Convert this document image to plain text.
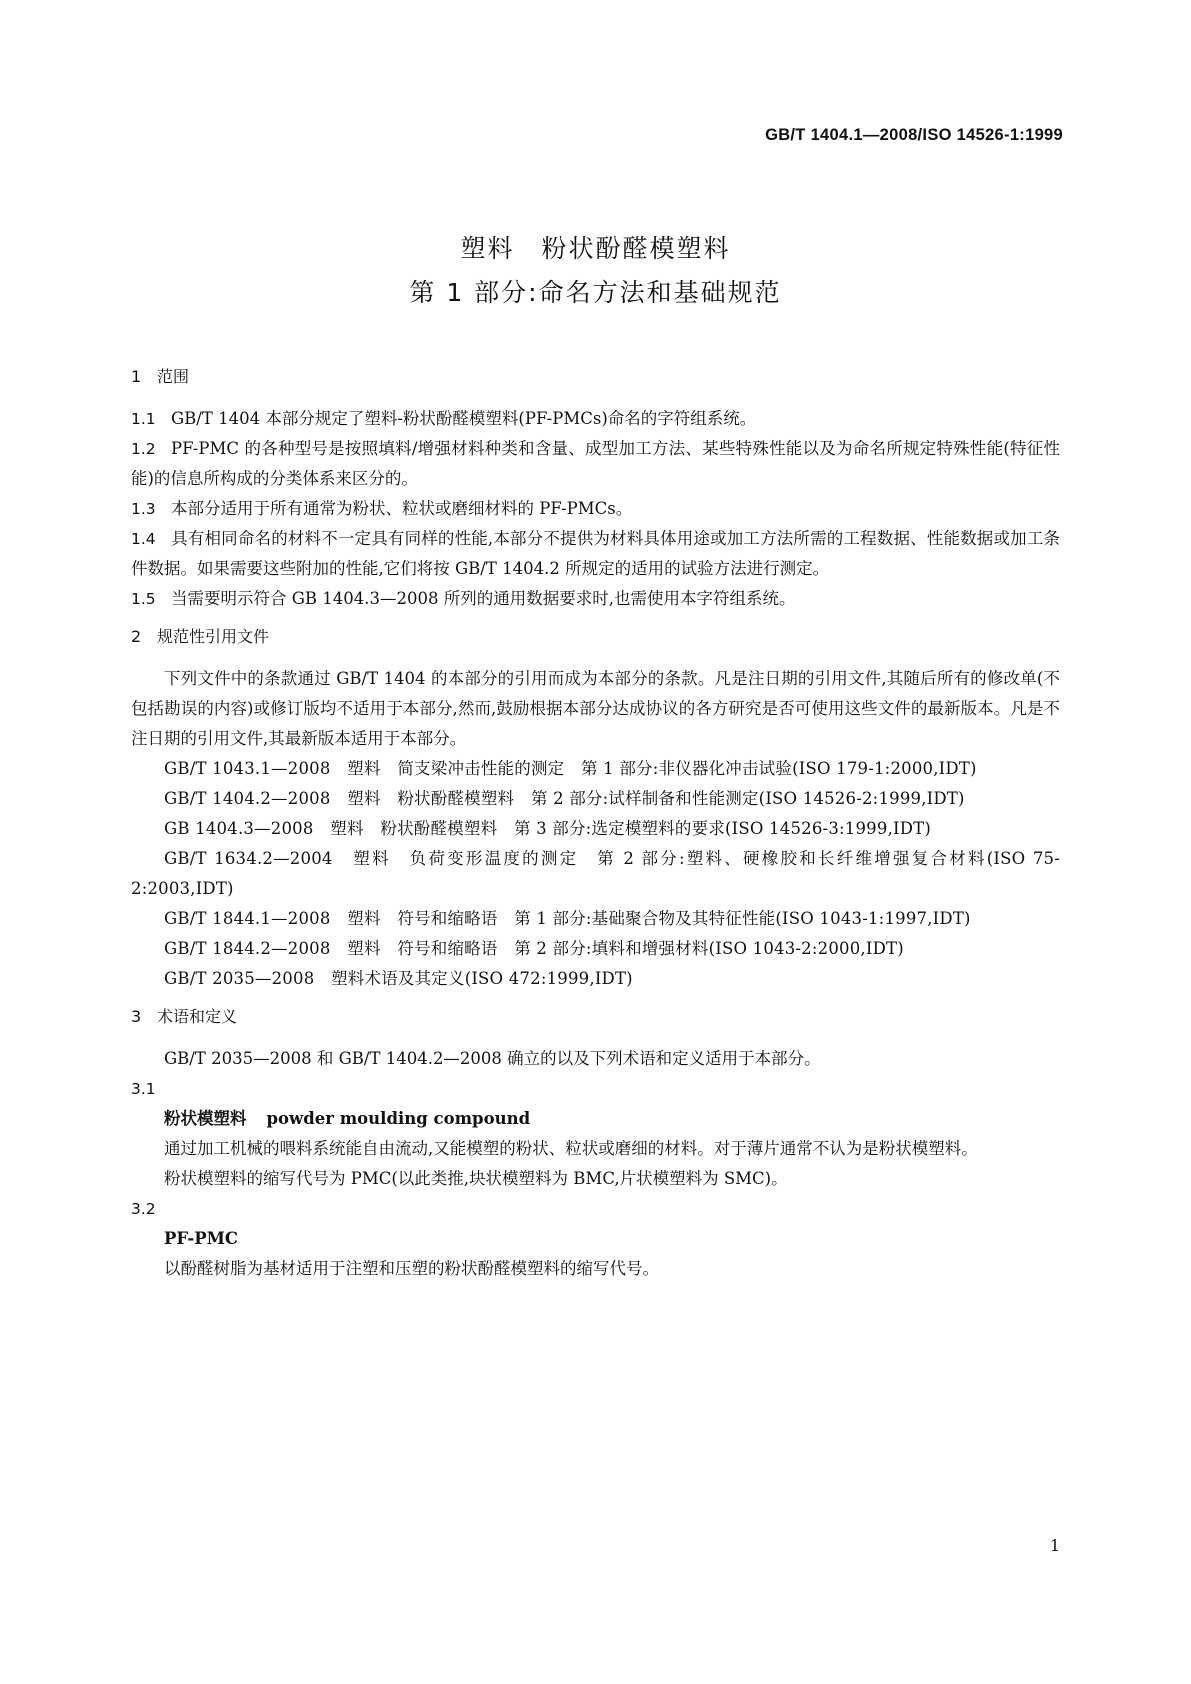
GB/T 1404.1—2008/ISO 14526-1:1999
塑料　粉状酚醛模塑料
第 1 部分:命名方法和基础规范
1 范围
1.1 GB/T 1404 本部分规定了塑料-粉状酚醛模塑料(PF-PMCs)命名的字符组系统。
1.2 PF-PMC 的各种型号是按照填料/增强材料种类和含量、成型加工方法、某些特殊性能以及为命名所规定特殊性能(特征性能)的信息所构成的分类体系来区分的。
1.3 本部分适用于所有通常为粉状、粒状或磨细材料的 PF-PMCs。
1.4 具有相同命名的材料不一定具有同样的性能,本部分不提供为材料具体用途或加工方法所需的工程数据、性能数据或加工条件数据。如果需要这些附加的性能,它们将按 GB/T 1404.2 所规定的适用的试验方法进行测定。
1.5 当需要明示符合 GB 1404.3—2008 所列的通用数据要求时,也需使用本字符组系统。
2 规范性引用文件
下列文件中的条款通过 GB/T 1404 的本部分的引用而成为本部分的条款。凡是注日期的引用文件,其随后所有的修改单(不包括勘误的内容)或修订版均不适用于本部分,然而,鼓励根据本部分达成协议的各方研究是否可使用这些文件的最新版本。凡是不注日期的引用文件,其最新版本适用于本部分。
GB/T 1043.1—2008　塑料　简支梁冲击性能的测定　第 1 部分:非仪器化冲击试验(ISO 179-1:2000,IDT)
GB/T 1404.2—2008　塑料　粉状酚醛模塑料　第 2 部分:试样制备和性能测定(ISO 14526-2:1999,IDT)
GB 1404.3—2008　塑料　粉状酚醛模塑料　第 3 部分:选定模塑料的要求(ISO 14526-3:1999,IDT)
GB/T 1634.2—2004　塑料　负荷变形温度的测定　第 2 部分:塑料、硬橡胶和长纤维增强复合材料(ISO 75-2:2003,IDT)
GB/T 1844.1—2008　塑料　符号和缩略语　第 1 部分:基础聚合物及其特征性能(ISO 1043-1:1997,IDT)
GB/T 1844.2—2008　塑料　符号和缩略语　第 2 部分:填料和增强材料(ISO 1043-2:2000,IDT)
GB/T 2035—2008　塑料术语及其定义(ISO 472:1999,IDT)
3 术语和定义
GB/T 2035—2008 和 GB/T 1404.2—2008 确立的以及下列术语和定义适用于本部分。
3.1
粉状模塑料 powder moulding compound
通过加工机械的喂料系统能自由流动,又能模塑的粉状、粒状或磨细的材料。对于薄片通常不认为是粉状模塑料。
粉状模塑料的缩写代号为 PMC(以此类推,块状模塑料为 BMC,片状模塑料为 SMC)。
3.2
PF-PMC
以酚醛树脂为基材适用于注塑和压塑的粉状酚醛模塑料的缩写代号。
1
